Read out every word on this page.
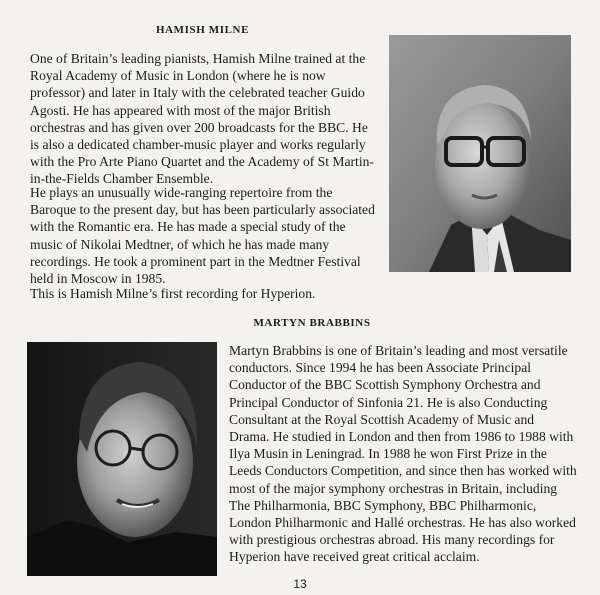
HAMISH MILNE

One of Britain’s leading pianists, Hamish Milne trained at the Royal Academy of Music in London (where he is now professor) and later in Italy with the celebrated teacher Guido Agosti. He has appeared with most of the major British orchestras and has given over 200 broadcasts for the BBC. He is also a dedicated chamber-music player and works regularly with the Pro Arte Piano Quartet and the Academy of St Martin-in-the-Fields Chamber Ensemble.

He plays an unusually wide-ranging repertoire from the Baroque to the present day, but has been particularly associated with the Romantic era. He has made a special study of the music of Nikolai Medtner, of which he has made many recordings. He took a prominent part in the Medtner Festival held in Moscow in 1985.

This is Hamish Milne’s first recording for Hyperion.

MARTYN BRABBINS

Martyn Brabbins is one of Britain’s leading and most versatile conductors. Since 1994 he has been Associate Principal Conductor of the BBC Scottish Symphony Orchestra and Principal Conductor of Sinfonia 21. He is also Conducting Consultant at the Royal Scottish Academy of Music and Drama. He studied in London and then from 1986 to 1988 with Ilya Musin in Leningrad. In 1988 he won First Prize in the Leeds Conductors Competition, and since then has worked with most of the major symphony orchestras in Britain, including The Philharmonia, BBC Symphony, BBC Philharmonic, London Philharmonic and Hallé orchestras. He has also worked with prestigious orchestras abroad. His many recordings for Hyperion have received great critical acclaim.

13
